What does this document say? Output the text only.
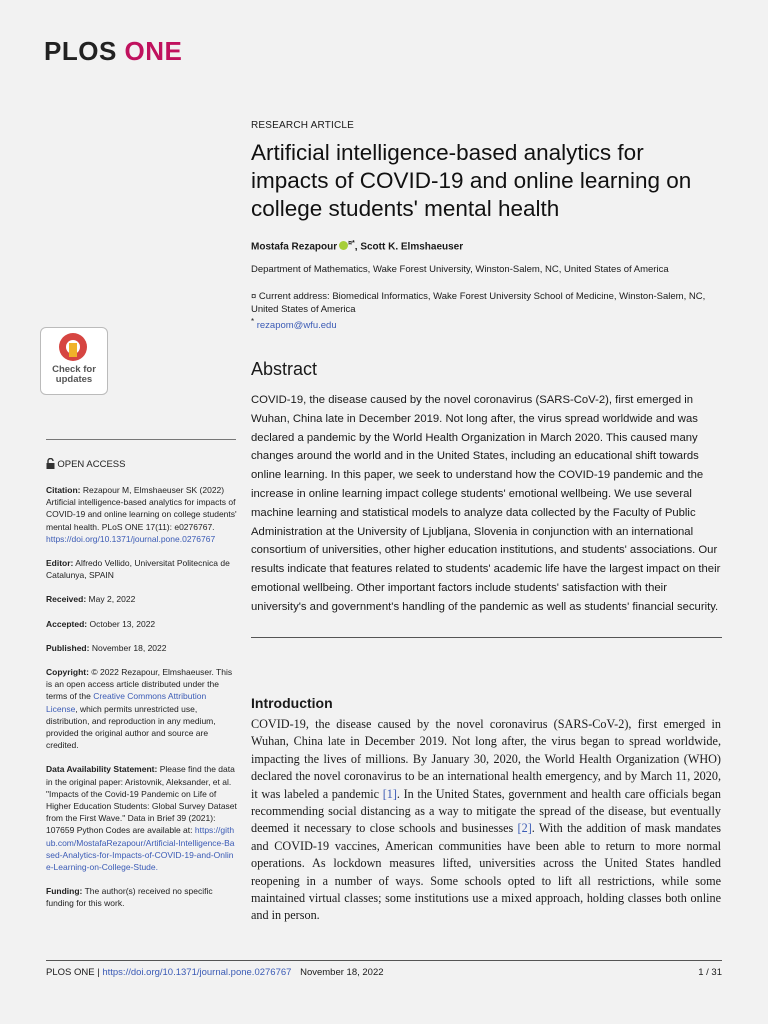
PLOS ONE
Check for
updates
OPEN ACCESS
Citation: Rezapour M, Elmshaeuser SK (2022) Artificial intelligence-based analytics for impacts of COVID-19 and online learning on college students' mental health. PLoS ONE 17(11): e0276767. https://doi.org/10.1371/journal.pone.0276767
Editor: Alfredo Vellido, Universitat Politecnica de Catalunya, SPAIN
Received: May 2, 2022
Accepted: October 13, 2022
Published: November 18, 2022
Copyright: © 2022 Rezapour, Elmshaeuser. This is an open access article distributed under the terms of the Creative Commons Attribution License, which permits unrestricted use, distribution, and reproduction in any medium, provided the original author and source are credited.
Data Availability Statement: Please find the data in the original paper: Aristovnik, Aleksander, et al. "Impacts of the Covid-19 Pandemic on Life of Higher Education Students: Global Survey Dataset from the First Wave." Data in Brief 39 (2021): 107659 Python Codes are available at: https://github.com/MostafaRezapour/Artificial-Intelligence-Based-Analytics-for-Impacts-of-COVID-19-and-Online-Learning-on-College-Stude.
Funding: The author(s) received no specific funding for this work.
RESEARCH ARTICLE
Artificial intelligence-based analytics for impacts of COVID-19 and online learning on college students' mental health
Mostafa Rezapour ¤*, Scott K. Elmshaeuser
Department of Mathematics, Wake Forest University, Winston-Salem, NC, United States of America
¤ Current address: Biomedical Informatics, Wake Forest University School of Medicine, Winston-Salem, NC, United States of America
* rezapom@wfu.edu
Abstract
COVID-19, the disease caused by the novel coronavirus (SARS-CoV-2), first emerged in Wuhan, China late in December 2019. Not long after, the virus spread worldwide and was declared a pandemic by the World Health Organization in March 2020. This caused many changes around the world and in the United States, including an educational shift towards online learning. In this paper, we seek to understand how the COVID-19 pandemic and the increase in online learning impact college students' emotional wellbeing. We use several machine learning and statistical models to analyze data collected by the Faculty of Public Administration at the University of Ljubljana, Slovenia in conjunction with an international consortium of universities, other higher education institutions, and students' associations. Our results indicate that features related to students' academic life have the largest impact on their emotional wellbeing. Other important factors include students' satisfaction with their university's and government's handling of the pandemic as well as students' financial security.
Introduction
COVID-19, the disease caused by the novel coronavirus (SARS-CoV-2), first emerged in Wuhan, China late in December 2019. Not long after, the virus began to spread worldwide, impacting the lives of millions. By January 30, 2020, the World Health Organization (WHO) declared the novel coronavirus to be an international health emergency, and by March 11, 2020, it was labeled a pandemic [1]. In the United States, government and health care officials began recommending social distancing as a way to mitigate the spread of the disease, but eventually deemed it necessary to close schools and businesses [2]. With the addition of mask mandates and COVID-19 vaccines, American communities have been able to return to more normal operations. As lockdown measures lifted, universities across the United States handled reopening in a number of ways. Some schools opted to lift all restrictions, while some maintained virtual classes; some institutions use a mixed approach, holding classes both online and in person.
PLOS ONE | https://doi.org/10.1371/journal.pone.0276767 November 18, 2022	1 / 31
